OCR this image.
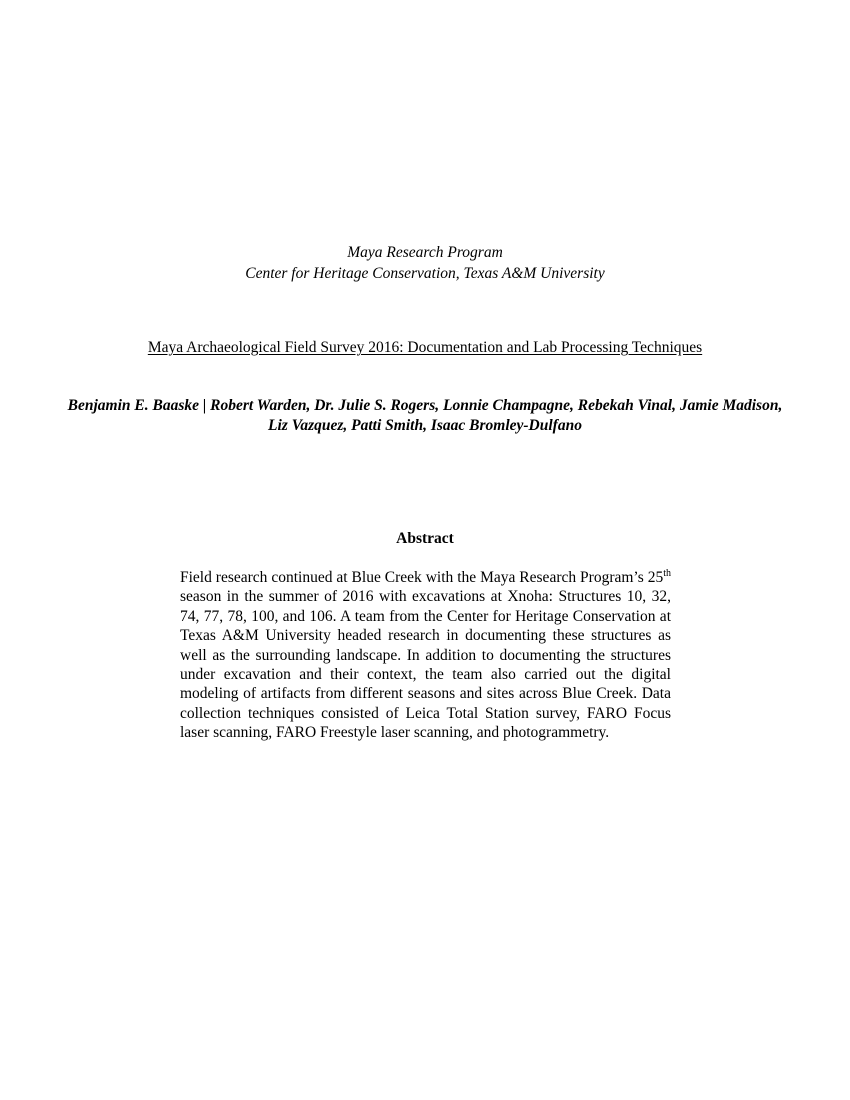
Maya Research Program
Center for Heritage Conservation, Texas A&M University
Maya Archaeological Field Survey 2016: Documentation and Lab Processing Techniques
Benjamin E. Baaske | Robert Warden, Dr. Julie S. Rogers, Lonnie Champagne, Rebekah Vinal, Jamie Madison, Liz Vazquez, Patti Smith, Isaac Bromley-Dulfano
Abstract
Field research continued at Blue Creek with the Maya Research Program’s 25th season in the summer of 2016 with excavations at Xnoha: Structures 10, 32, 74, 77, 78, 100, and 106. A team from the Center for Heritage Conservation at Texas A&M University headed research in documenting these structures as well as the surrounding landscape. In addition to documenting the structures under excavation and their context, the team also carried out the digital modeling of artifacts from different seasons and sites across Blue Creek. Data collection techniques consisted of Leica Total Station survey, FARO Focus laser scanning, FARO Freestyle laser scanning, and photogrammetry.
